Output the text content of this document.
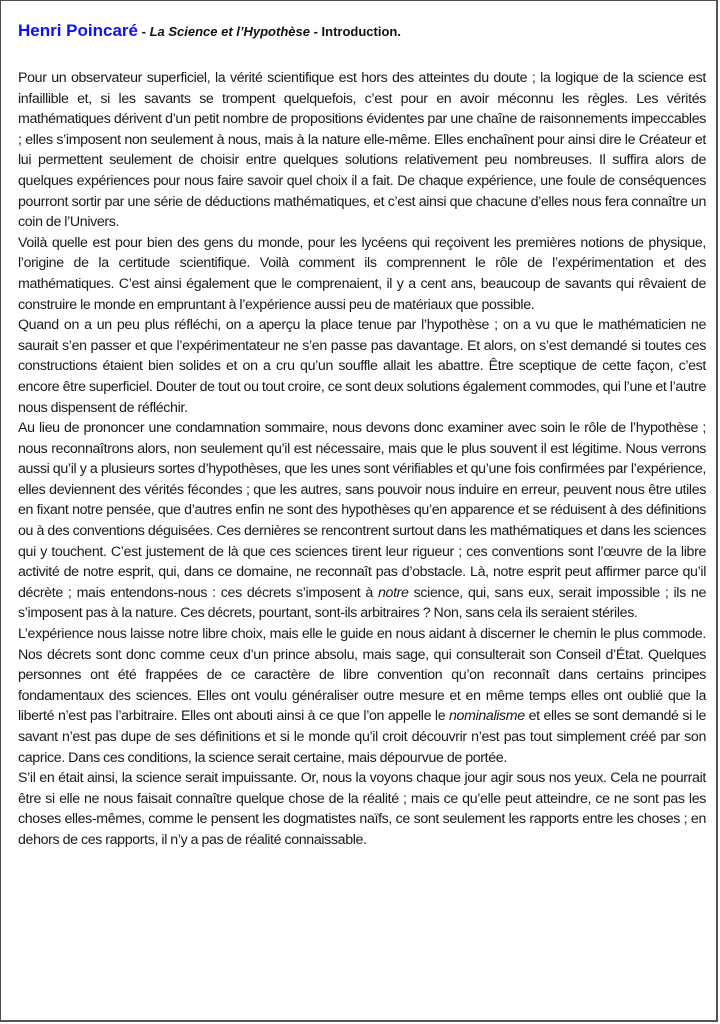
Henri Poincaré - La Science et l’Hypothèse - Introduction.

Pour un observateur superficiel, la vérité scientifique est hors des atteintes du doute ; la logique de la science est infaillible et, si les savants se trompent quelquefois, c’est pour en avoir méconnu les règles. Les vérités mathématiques dérivent d’un petit nombre de propositions évidentes par une chaîne de raisonnements impeccables ; elles s’imposent non seulement à nous, mais à la nature elle-même. Elles enchaînent pour ainsi dire le Créateur et lui permettent seulement de choisir entre quelques solutions relativement peu nombreuses. Il suffira alors de quelques expériences pour nous faire savoir quel choix il a fait. De chaque expérience, une foule de conséquences pourront sortir par une série de déductions mathématiques, et c’est ainsi que chacune d’elles nous fera connaître un coin de l’Univers.

Voilà quelle est pour bien des gens du monde, pour les lycéens qui reçoivent les premières notions de physique, l’origine de la certitude scientifique. Voilà comment ils comprennent le rôle de l’expérimentation et des mathématiques. C’est ainsi également que le comprenaient, il y a cent ans, beaucoup de savants qui rêvaient de construire le monde en empruntant à l’expérience aussi peu de matériaux que possible.

Quand on a un peu plus réfléchi, on a aperçu la place tenue par l’hypothèse ; on a vu que le mathématicien ne saurait s’en passer et que l’expérimentateur ne s’en passe pas davantage. Et alors, on s’est demandé si toutes ces constructions étaient bien solides et on a cru qu’un souffle allait les abattre. Être sceptique de cette façon, c’est encore être superficiel. Douter de tout ou tout croire, ce sont deux solutions également commodes, qui l’une et l’autre nous dispensent de réfléchir.

Au lieu de prononcer une condamnation sommaire, nous devons donc examiner avec soin le rôle de l’hypothèse ; nous reconnaîtrons alors, non seulement qu’il est nécessaire, mais que le plus souvent il est légitime. Nous verrons aussi qu’il y a plusieurs sortes d’hypothèses, que les unes sont vérifiables et qu’une fois confirmées par l’expérience, elles deviennent des vérités fécondes ; que les autres, sans pouvoir nous induire en erreur, peuvent nous être utiles en fixant notre pensée, que d’autres enfin ne sont des hypothèses qu’en apparence et se réduisent à des définitions ou à des conventions déguisées. Ces dernières se rencontrent surtout dans les mathématiques et dans les sciences qui y touchent. C’est justement de là que ces sciences tirent leur rigueur ; ces conventions sont l’œuvre de la libre activité de notre esprit, qui, dans ce domaine, ne reconnaît pas d’obstacle. Là, notre esprit peut affirmer parce qu’il décrète ; mais entendons-nous : ces décrets s’imposent à notre science, qui, sans eux, serait impossible ; ils ne s’imposent pas à la nature. Ces décrets, pourtant, sont-ils arbitraires ? Non, sans cela ils seraient stériles.

L’expérience nous laisse notre libre choix, mais elle le guide en nous aidant à discerner le chemin le plus commode. Nos décrets sont donc comme ceux d’un prince absolu, mais sage, qui consulterait son Conseil d’État. Quelques personnes ont été frappées de ce caractère de libre convention qu’on reconnaît dans certains principes fondamentaux des sciences. Elles ont voulu généraliser outre mesure et en même temps elles ont oublié que la liberté n’est pas l’arbitraire. Elles ont abouti ainsi à ce que l’on appelle le nominalisme et elles se sont demandé si le savant n’est pas dupe de ses définitions et si le monde qu’il croit découvrir n’est pas tout simplement créé par son caprice. Dans ces conditions, la science serait certaine, mais dépourvue de portée.

S’il en était ainsi, la science serait impuissante. Or, nous la voyons chaque jour agir sous nos yeux. Cela ne pourrait être si elle ne nous faisait connaître quelque chose de la réalité ; mais ce qu’elle peut atteindre, ce ne sont pas les choses elles-mêmes, comme le pensent les dogmatistes naïfs, ce sont seulement les rapports entre les choses ; en dehors de ces rapports, il n’y a pas de réalité connaissable.
